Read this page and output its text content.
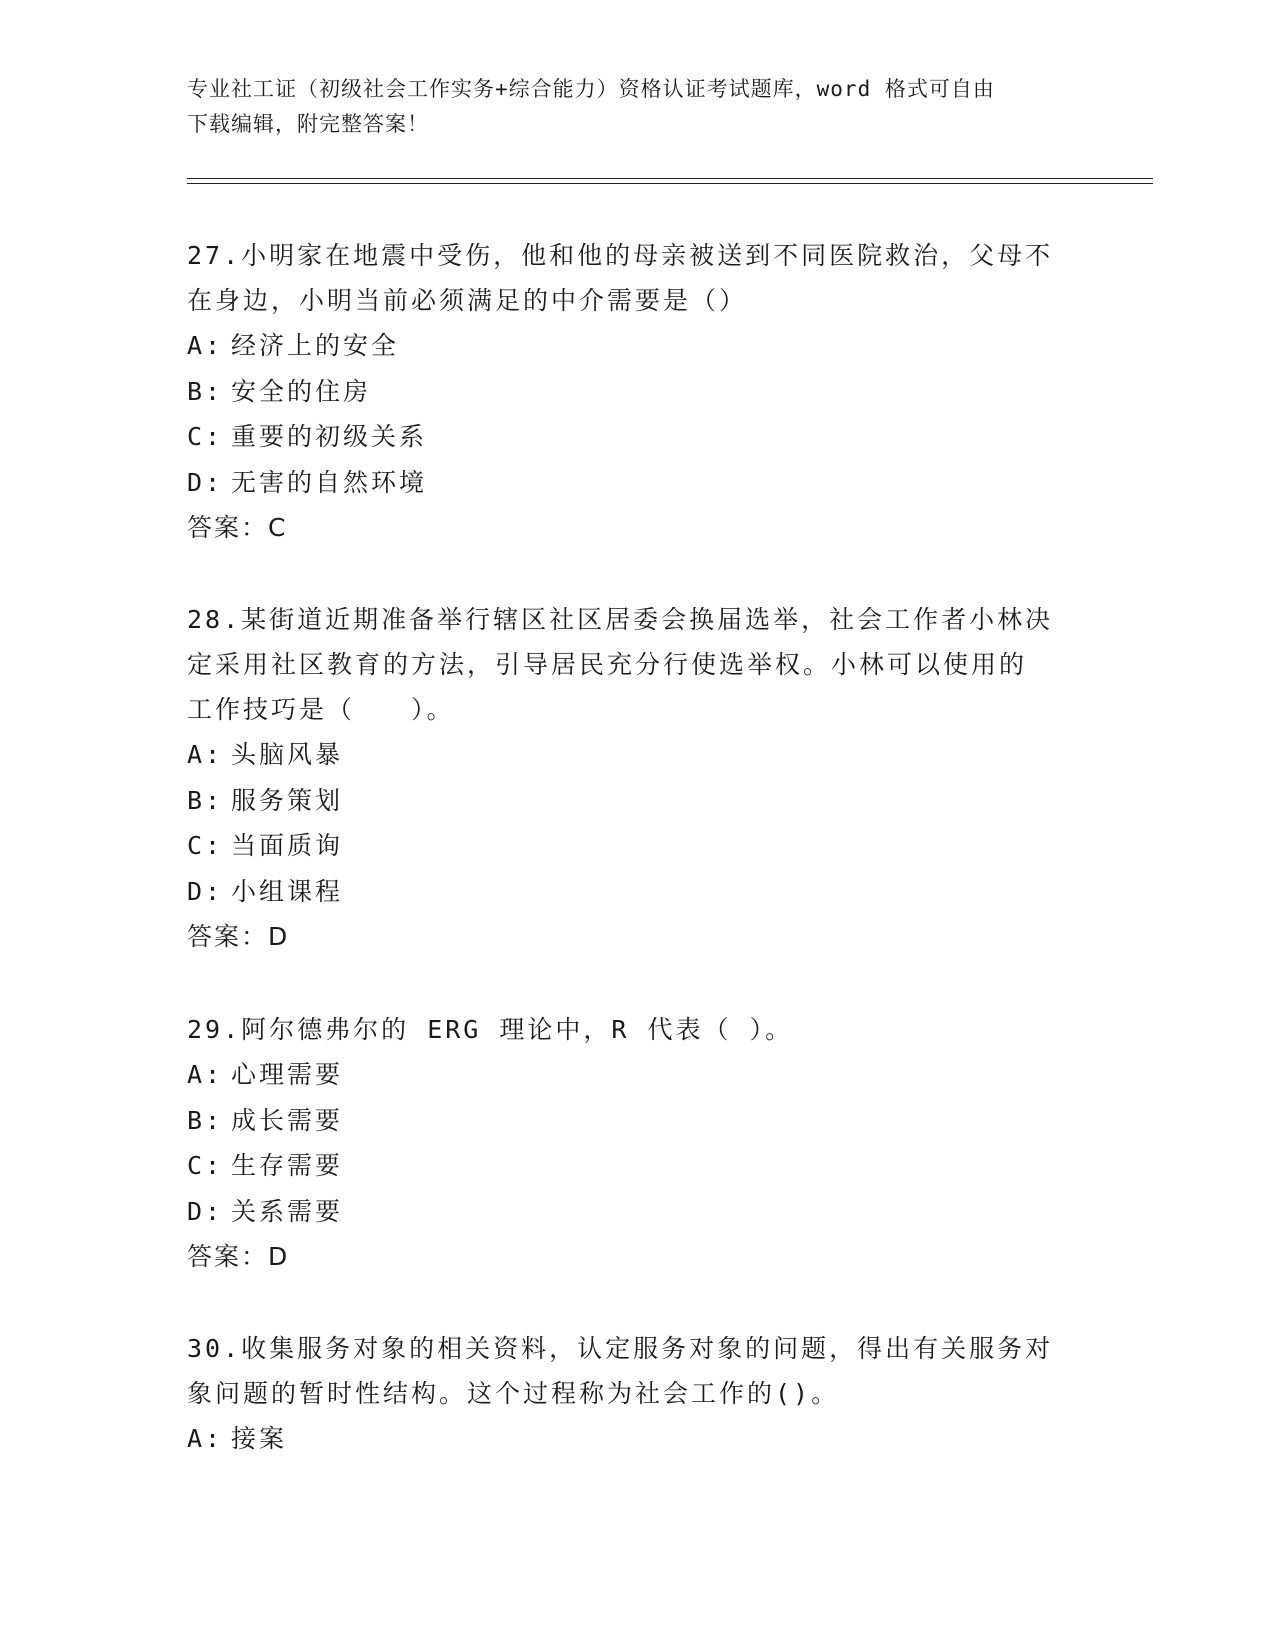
专业社工证（初级社会工作实务+综合能力）资格认证考试题库，word 格式可自由
下载编辑，附完整答案！
27.小明家在地震中受伤，他和他的母亲被送到不同医院救治，父母不
在身边，小明当前必须满足的中介需要是（）
A: 经济上的安全
B: 安全的住房
C: 重要的初级关系
D: 无害的自然环境
答案：C
28.某街道近期准备举行辖区社区居委会换届选举，社会工作者小林决
定采用社区教育的方法，引导居民充分行使选举权。小林可以使用的
工作技巧是（　　）。
A: 头脑风暴
B: 服务策划
C: 当面质询
D: 小组课程
答案：D
29.阿尔德弗尔的 ERG 理论中，R 代表（ ）。
A: 心理需要
B: 成长需要
C: 生存需要
D: 关系需要
答案：D
30.收集服务对象的相关资料，认定服务对象的问题，得出有关服务对
象问题的暂时性结构。这个过程称为社会工作的()。
A: 接案
